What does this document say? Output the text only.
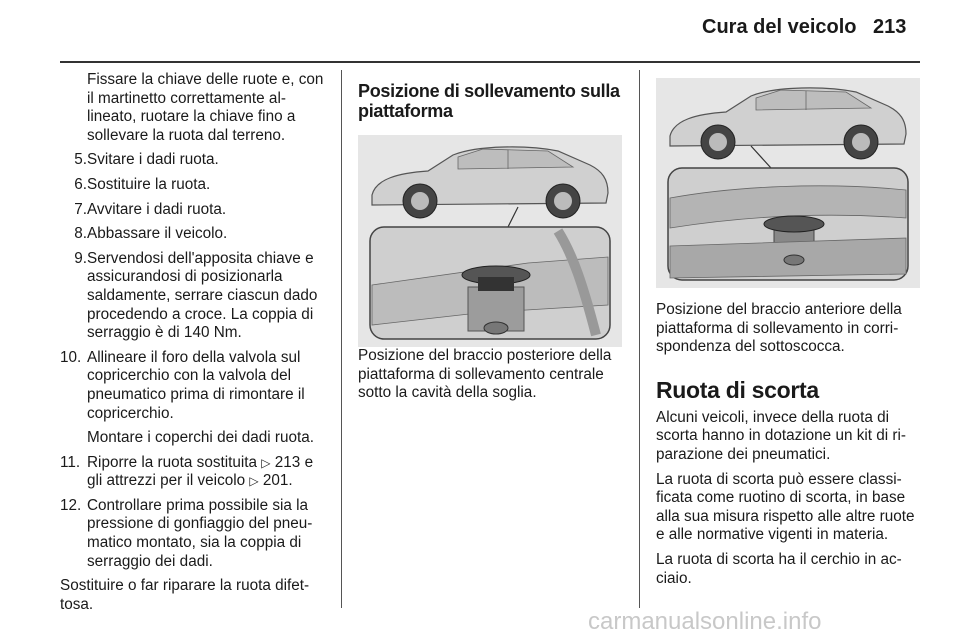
Cura del veicolo 213

Fissare la chiave delle ruote e, con il martinetto correttamente al-lineato, ruotare la chiave fino a sollevare la ruota dal terreno.

5. Svitare i dadi ruota.
6. Sostituire la ruota.
7. Avvitare i dadi ruota.
8. Abbassare il veicolo.
9. Servendosi dell'apposita chiave e assicurandosi di posizionarla saldamente, serrare ciascun dado procedendo a croce. La coppia di serraggio è di 140 Nm.
10. Allineare il foro della valvola sul copricerchio con la valvola del pneumatico prima di rimontare il copricerchio.

Montare i coperchi dei dadi ruota.

11. Riporre la ruota sostituita ▷ 213 e gli attrezzi per il veicolo ▷ 201.
12. Controllare prima possibile sia la pressione di gonfiaggio del pneu-matico montato, sia la coppia di serraggio dei dadi.

Sostituire o far riparare la ruota difet-tosa.

Posizione di sollevamento sulla piattaforma

Posizione del braccio posteriore della piattaforma di sollevamento centrale sotto la cavità della soglia.

Posizione del braccio anteriore della piattaforma di sollevamento in corri-spondenza del sottoscocca.

Ruota di scorta

Alcuni veicoli, invece della ruota di scorta hanno in dotazione un kit di ri-parazione dei pneumatici.

La ruota di scorta può essere classi-ficata come ruotino di scorta, in base alla sua misura rispetto alle altre ruote e alle normative vigenti in materia.

La ruota di scorta ha il cerchio in ac-ciaio.

carmanualsonline.info
